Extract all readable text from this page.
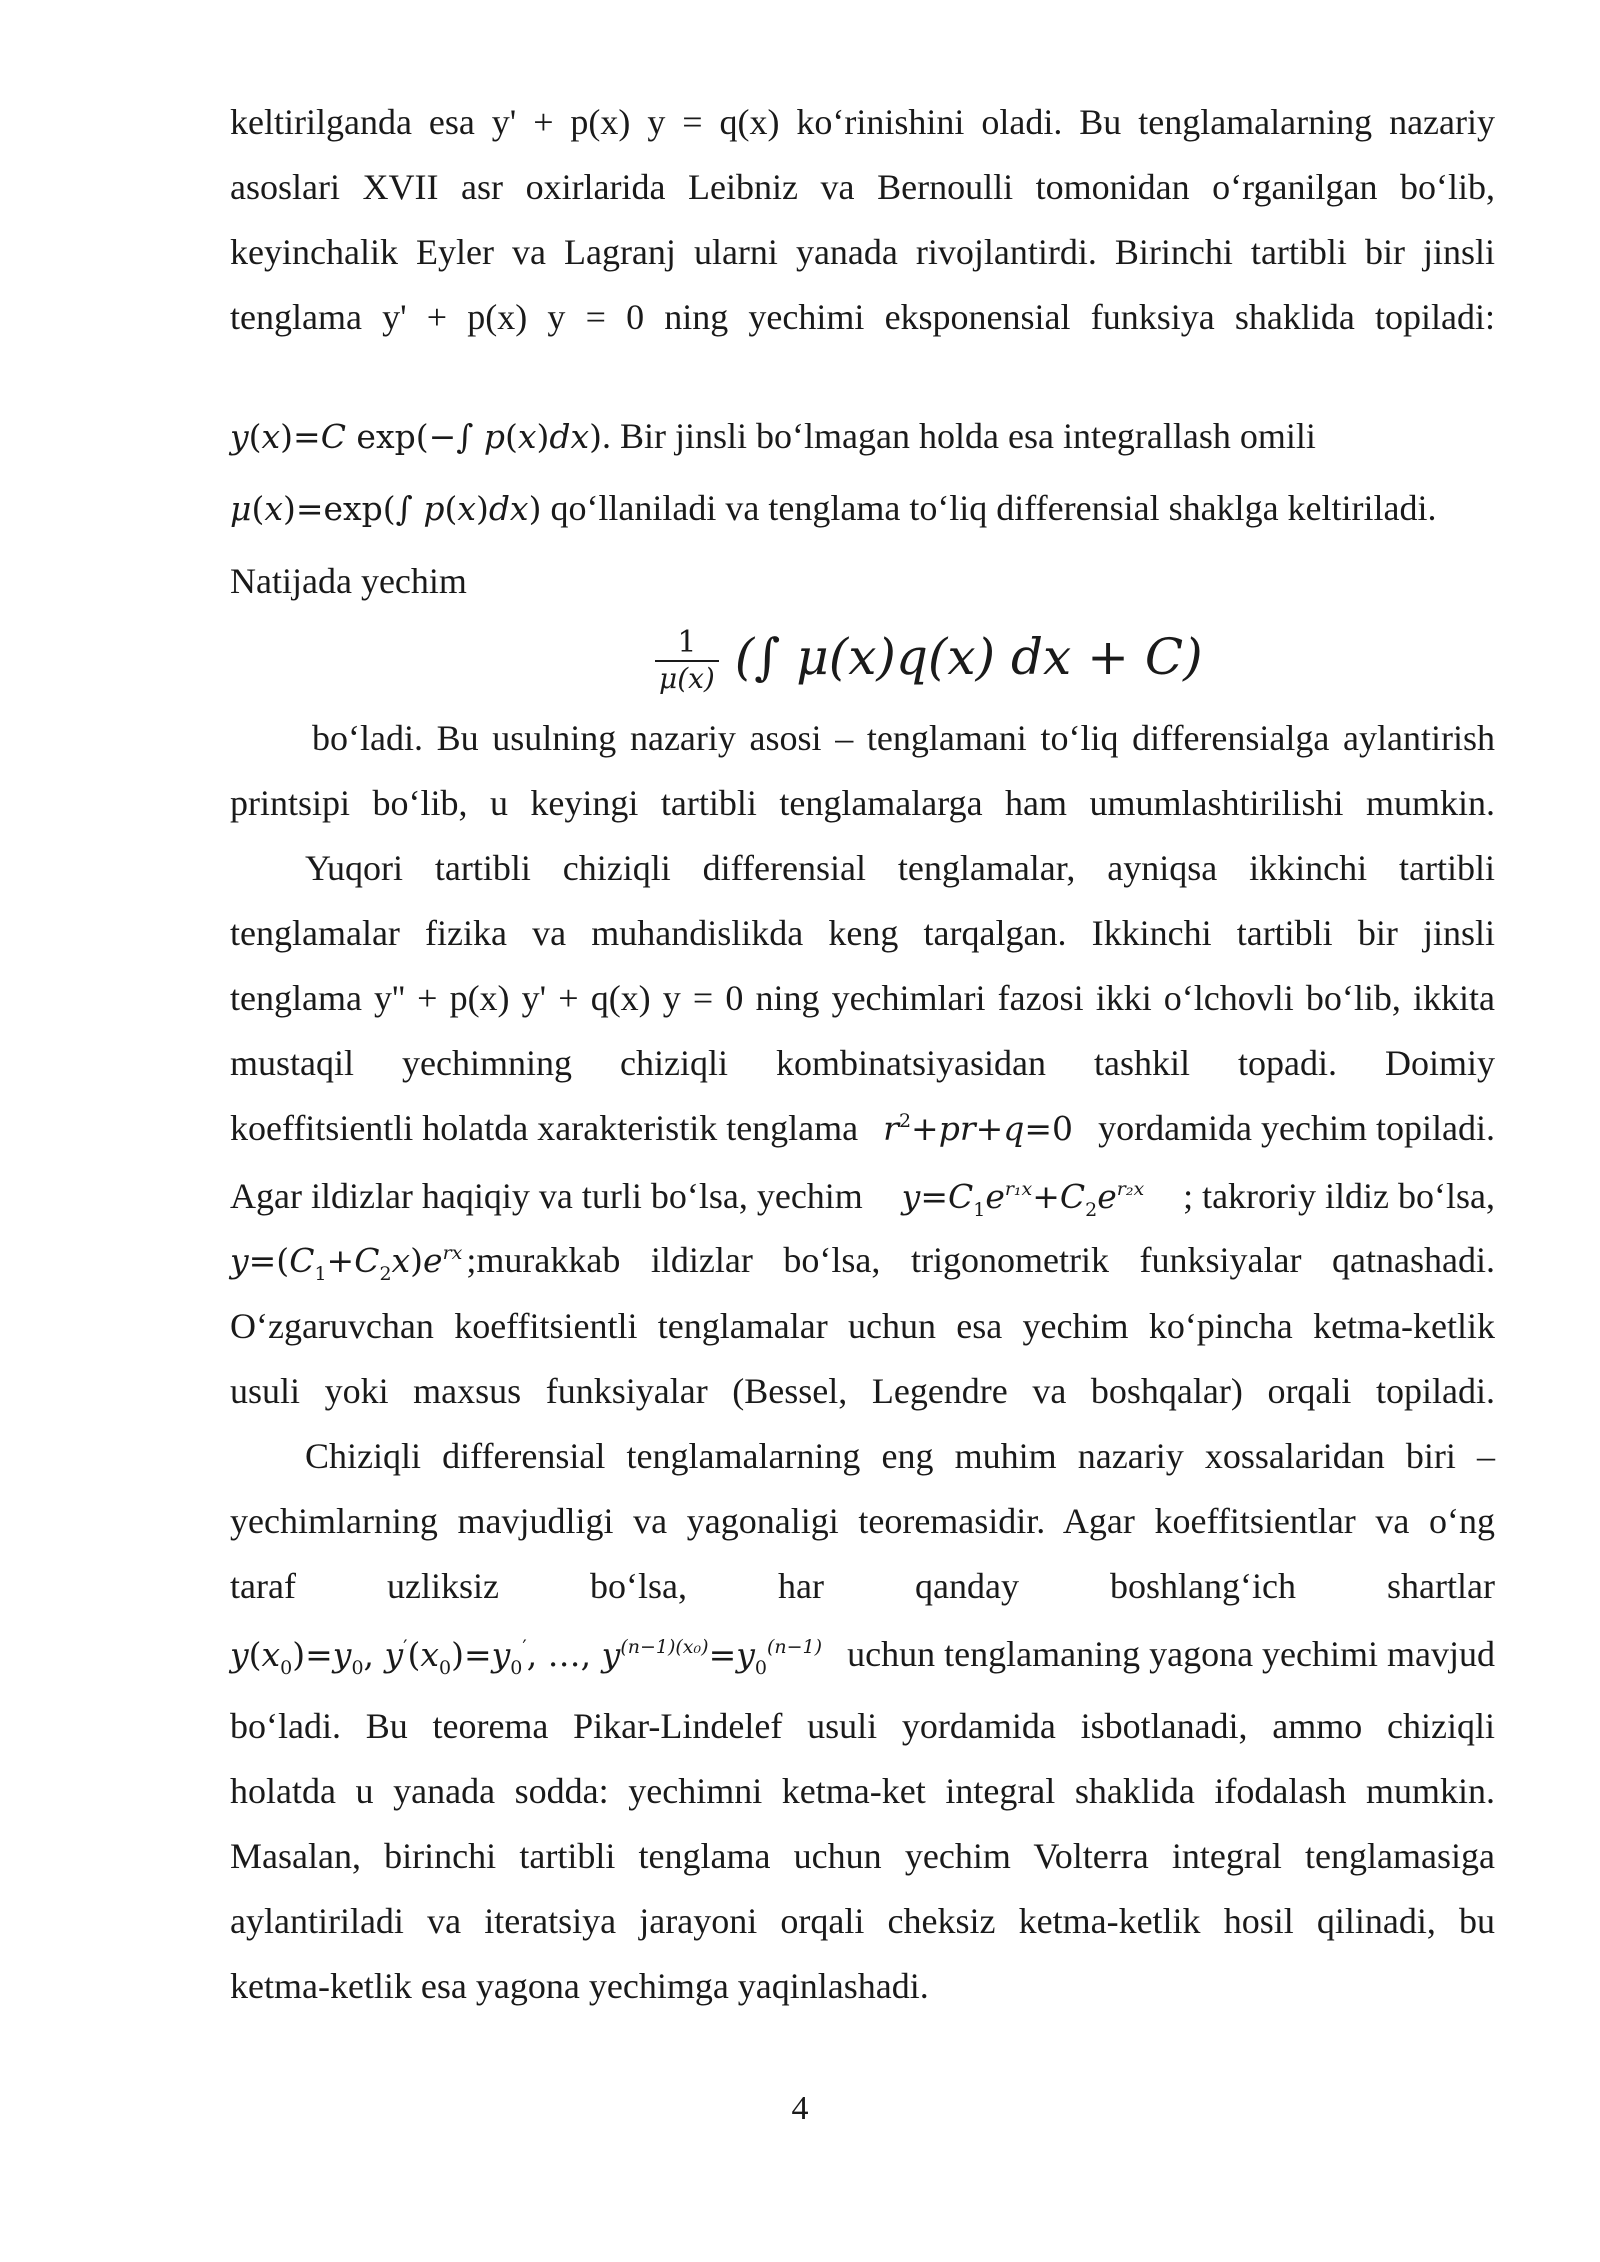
keltirilganda esa y' + p(x) y = q(x) ko‘rinishini oladi. Bu tenglamalarning nazariy
asoslari XVII asr oxirlarida Leibniz va Bernoulli tomonidan o‘rganilgan bo‘lib,
keyinchalik Eyler va Lagranj ularni yanada rivojlantirdi. Birinchi tartibli bir jinsli
tenglama y' + p(x) y = 0 ning yechimi eksponensial funksiya shaklida topiladi:
y(x)=C exp(−∫ p(x)dx). Bir jinsli bo‘lmagan holda esa integrallash omili
μ(x)=exp(∫ p(x)dx) qo‘llaniladi va tenglama to‘liq differensial shaklga keltiriladi.
Natijada yechim
$\frac{1}{\mu(x)}$ (∫ μ(x)q(x) dx + C)
bo‘ladi. Bu usulning nazariy asosi – tenglamani to‘liq differensialga aylantirish
printsipi bo‘lib, u keyingi tartibli tenglamalarga ham umumlashtirilishi mumkin.
Yuqori tartibli chiziqli differensial tenglamalar, ayniqsa ikkinchi tartibli
tenglamalar fizika va muhandislikda keng tarqalgan. Ikkinchi tartibli bir jinsli
tenglama y'' + p(x) y' + q(x) y = 0 ning yechimlari fazosi ikki o‘lchovli bo‘lib, ikkita
mustaqil yechimning chiziqli kombinatsiyasidan tashkil topadi. Doimiy
koeffitsientli holatda xarakteristik tenglama $r^2+pr+q=0$ yordamida yechim topiladi.
Agar ildizlar haqiqiy va turli bo‘lsa, yechim $y=C_1e^{r_1x}+C_2e^{r_2x}$ ; takroriy ildiz bo‘lsa,
$y=(C_1+C_2x)e^{rx}$ ;murakkab ildizlar bo‘lsa, trigonometrik funksiyalar qatnashadi.
O‘zgaruvchan koeffitsientli tenglamalar uchun esa yechim ko‘pincha ketma-ketlik
usuli yoki maxsus funksiyalar (Bessel, Legendre va boshqalar) orqali topiladi.
Chiziqli differensial tenglamalarning eng muhim nazariy xossalaridan biri –
yechimlarning mavjudligi va yagonaligi teoremasidir. Agar koeffitsientlar va o‘ng
taraf uzliksiz bo‘lsa, har qanday boshlang‘ich shartlar
$y(x_0)=y_0$, $y'(x_0)=y_0'$, …, $y^{(n-1)(x_0)}=y_0^{(n-1)}$ uchun tenglamaning yagona yechimi mavjud
bo‘ladi. Bu teorema Pikar-Lindelef usuli yordamida isbotlanadi, ammo chiziqli
holatda u yanada sodda: yechimni ketma-ket integral shaklida ifodalash mumkin.
Masalan, birinchi tartibli tenglama uchun yechim Volterra integral tenglamasiga
aylantiriladi va iteratsiya jarayoni orqali cheksiz ketma-ketlik hosil qilinadi, bu
ketma-ketlik esa yagona yechimga yaqinlashadi.
4
